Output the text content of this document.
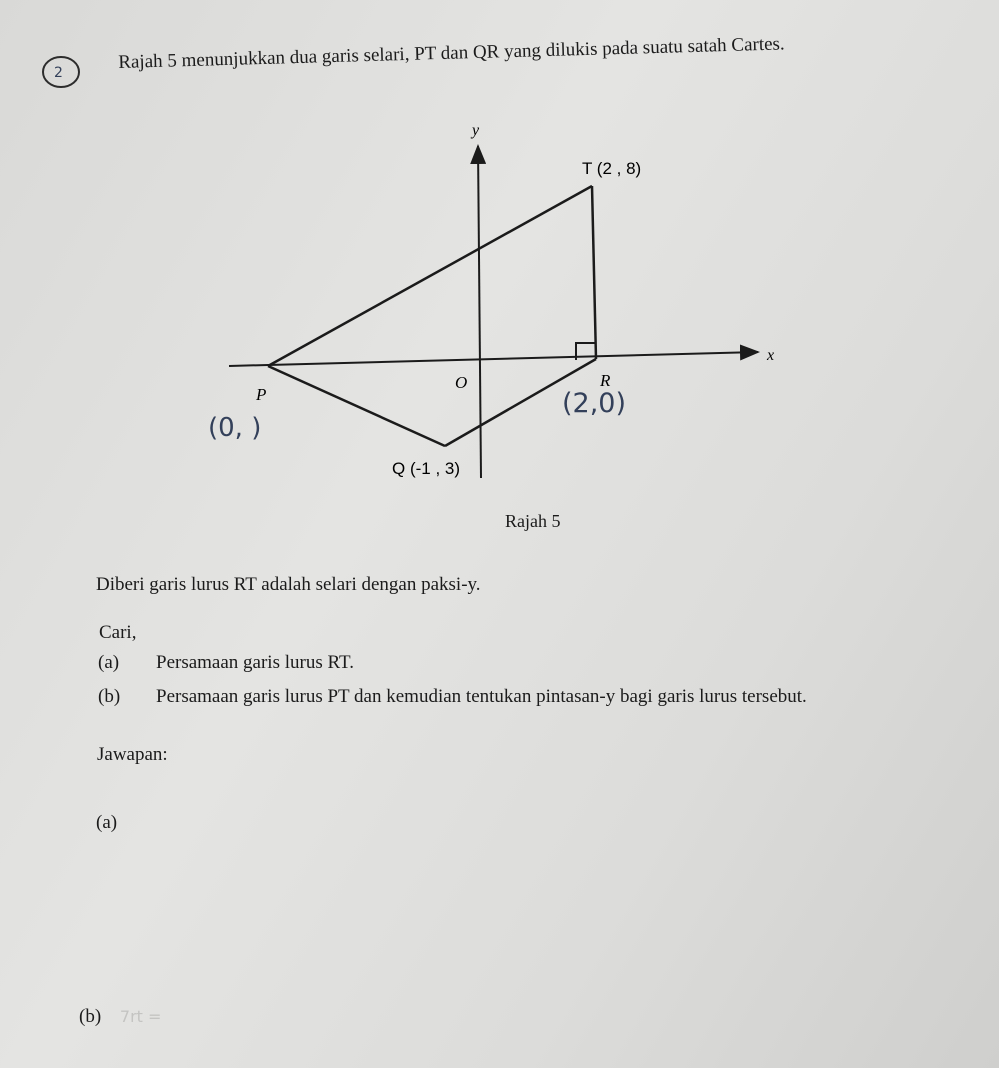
2
Rajah 5 menunjukkan dua garis selari, PT dan QR yang dilukis pada suatu satah Cartes.
y
x
O
P
R
T (2 , 8)
Q (-1 , 3)
(0, )
(2,0)
Rajah 5
Diberi garis lurus RT adalah selari dengan paksi-y.
Cari,
(a) Persamaan garis lurus RT.
(b) Persamaan garis lurus PT dan kemudian tentukan pintasan-y bagi garis lurus tersebut.
Jawapan:
(a)
(b) 7rt =
